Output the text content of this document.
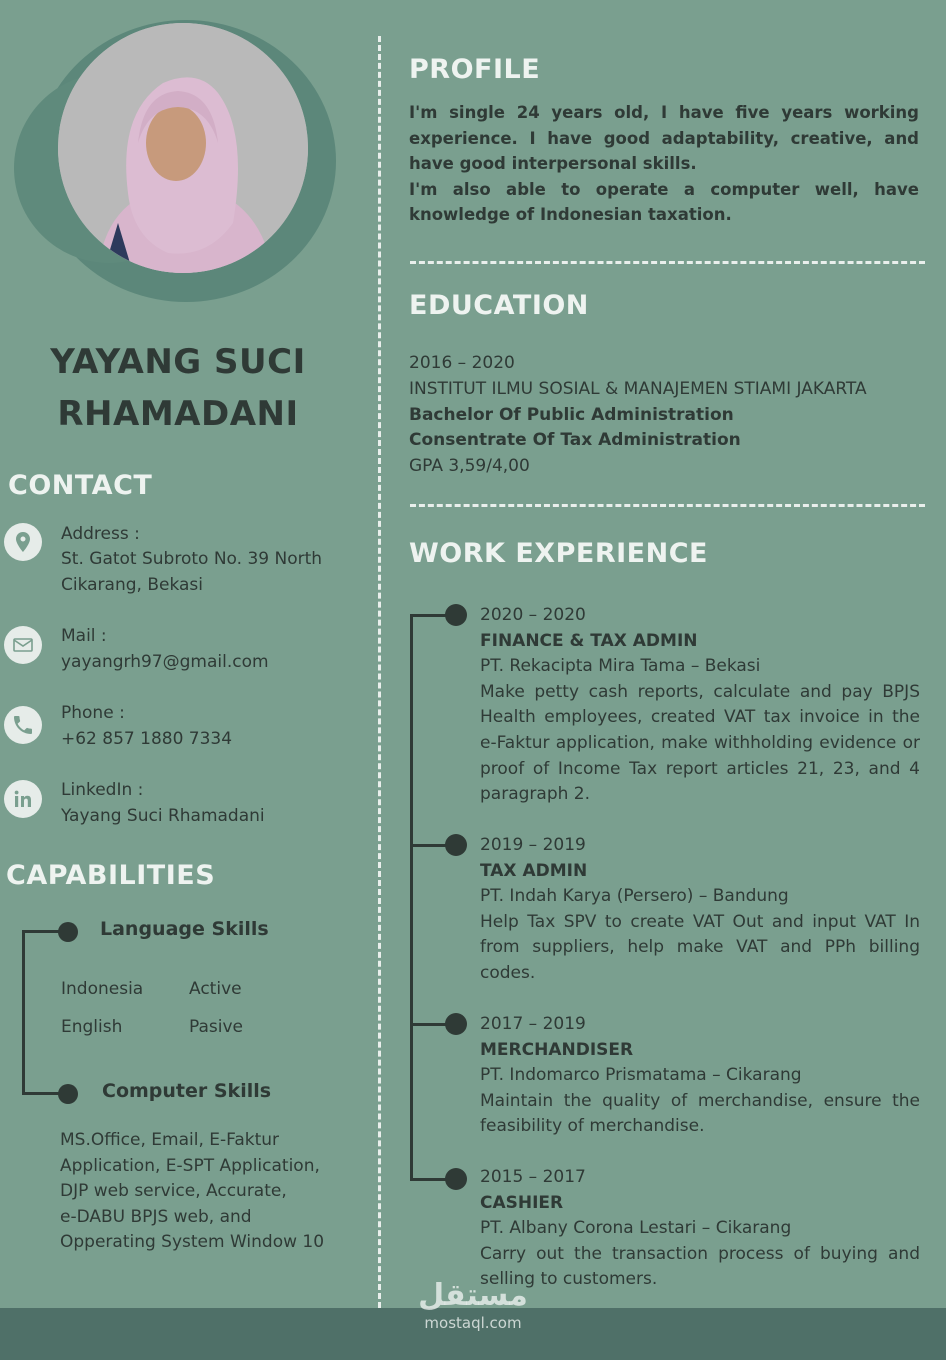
YAYANG SUCI
RHAMADANI
CONTACT
Address :
St. Gatot Subroto No. 39 North
Cikarang, Bekasi
Mail :
yayangrh97@gmail.com
Phone :
+62 857 1880 7334
LinkedIn :
Yayang Suci Rhamadani
CAPABILITIES
Language Skills
Indonesia	Active
English	Pasive
Computer Skills
MS.Office, Email, E-Faktur
Application, E-SPT Application,
DJP web service, Accurate,
e-DABU BPJS web, and
Opperating System Window 10
PROFILE

I'm single 24 years old, I have five years working experience. I have good adaptability, creative, and have good interpersonal skills.

I'm also able to operate a computer well, have knowledge of Indonesian taxation.

EDUCATION
2016 – 2020
INSTITUT ILMU SOSIAL & MANAJEMEN STIAMI JAKARTA
Bachelor Of Public Administration
Consentrate Of Tax Administration
GPA 3,59/4,00
WORK EXPERIENCE
2020 – 2020
FINANCE & TAX ADMIN
PT. Rekacipta Mira Tama – Bekasi
Make petty cash reports, calculate and pay BPJS Health employees, created VAT tax invoice in the e-Faktur application, make withholding evidence or proof of Income Tax report articles 21, 23, and 4 paragraph 2.
2019 – 2019
TAX ADMIN
PT. Indah Karya (Persero) – Bandung
Help Tax SPV to create VAT Out and input VAT In from suppliers, help make VAT and PPh billing codes.
2017 – 2019
MERCHANDISER
PT. Indomarco Prismatama – Cikarang
Maintain the quality of merchandise, ensure the feasibility of merchandise.
2015 – 2017
CASHIER
PT. Albany Corona Lestari – Cikarang
Carry out the transaction process of buying and selling to customers.
مستقل
mostaql.com
